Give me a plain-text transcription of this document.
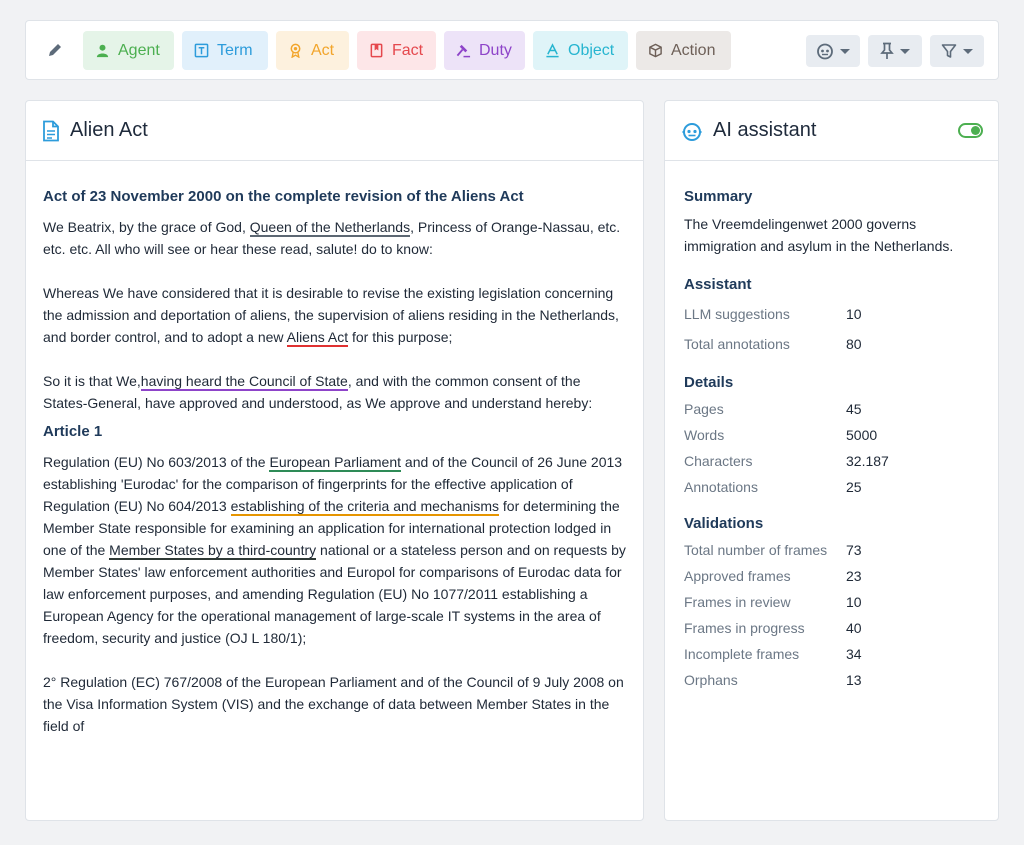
Agent	Term	Act	Fact	Duty	Object	Action
Alien Act
Act of 23 November 2000 on the complete revision of the Aliens Act

We Beatrix, by the grace of God, Queen of the Netherlands, Princess of Orange-Nassau, etc. etc. etc. All who will see or hear these read, salute! do to know:

Whereas We have considered that it is desirable to revise the existing legislation concerning the admission and deportation of aliens, the supervision of aliens residing in the Netherlands, and border control, and to adopt a new Aliens Act for this purpose;

So it is that We,having heard the Council of State, and with the common consent of the States-General, have approved and understood, as We approve and understand hereby:

Article 1

Regulation (EU) No 603/2013 of the European Parliament and of the Council of 26 June 2013 establishing 'Eurodac' for the comparison of fingerprints for the effective application of Regulation (EU) No 604/2013 establishing of the criteria and mechanisms for determining the Member State responsible for examining an application for international protection lodged in one of the Member States by a third-country national or a stateless person and on requests by Member States' law enforcement authorities and Europol for comparisons of Eurodac data for law enforcement purposes, and amending Regulation (EU) No 1077/2011 establishing a European Agency for the operational management of large-scale IT systems in the area of freedom, security and justice (OJ L 180/1);

2° Regulation (EC) 767/2008 of the European Parliament and of the Council of 9 July 2008 on the Visa Information System (VIS) and the exchange of data between Member States in the field of

AI assistant
Summary
The Vreemdelingenwet 2000 governs immigration and asylum in the Netherlands.
Assistant
LLM suggestions	10
Total annotations	80
Details
Pages	45
Words	5000
Characters	32.187
Annotations	25
Validations
Total number of frames	73
Approved frames	23
Frames in review	10
Frames in progress	40
Incomplete frames	34
Orphans	13
